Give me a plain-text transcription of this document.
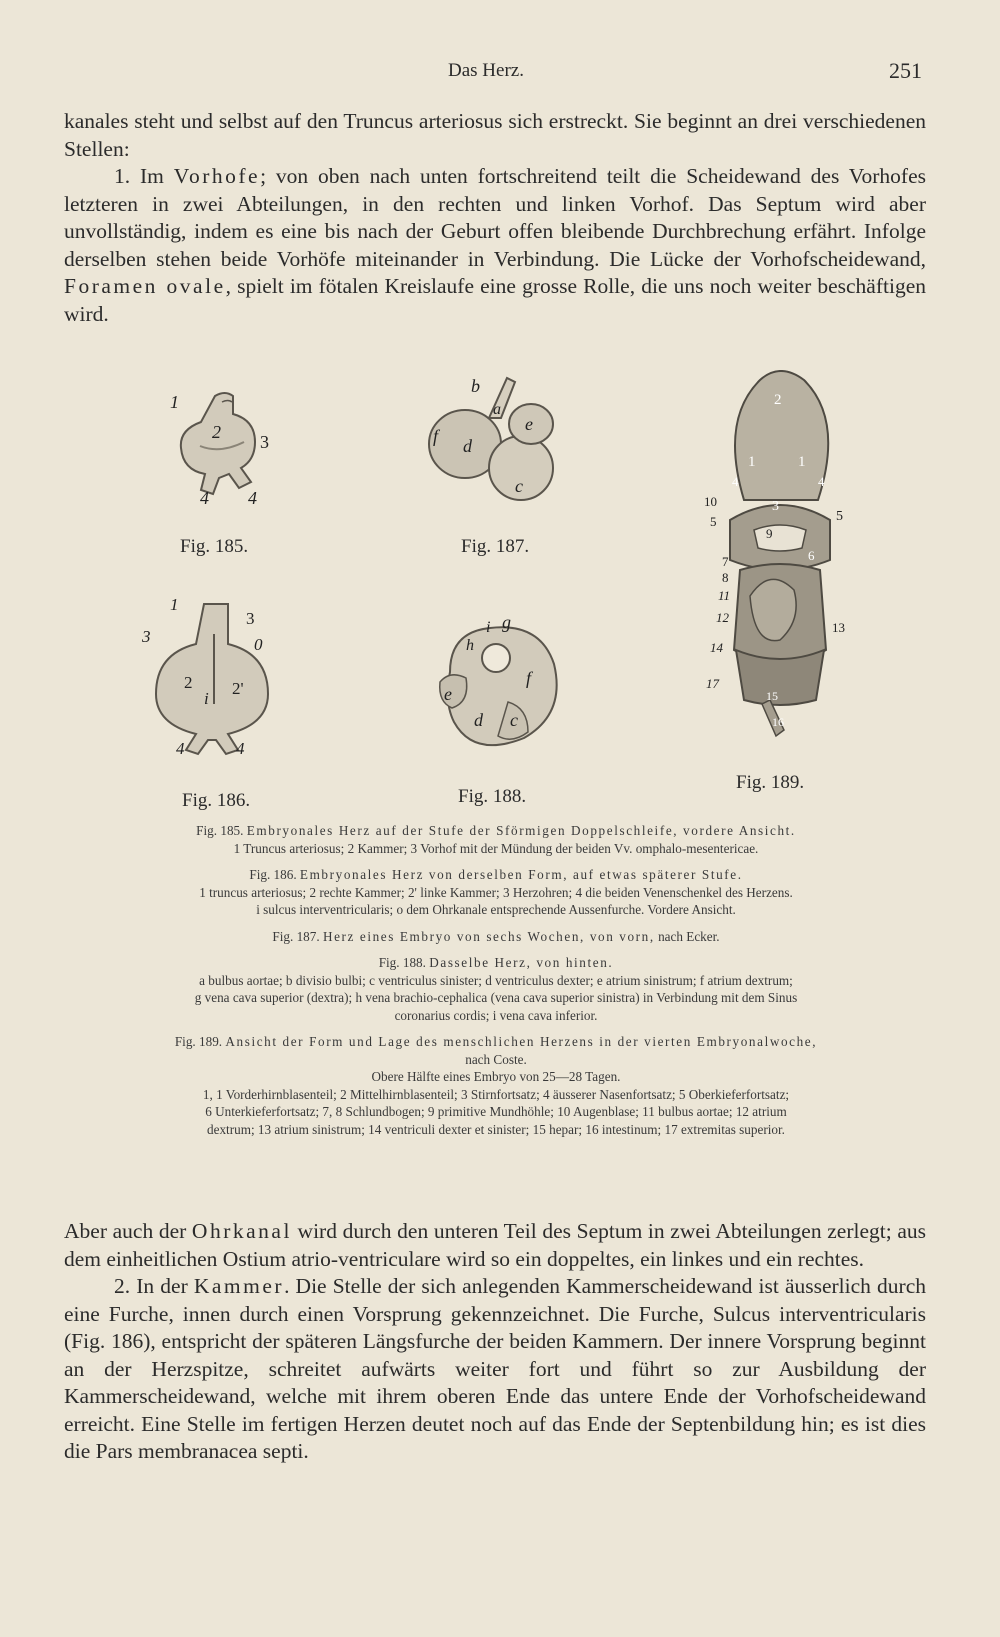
Das Herz.	251

kanales steht und selbst auf den Truncus arteriosus sich erstreckt. Sie beginnt an drei verschiedenen Stellen:

1. Im Vorhofe; von oben nach unten fortschreitend teilt die Scheidewand des Vorhofes letzteren in zwei Abteilungen, in den rechten und linken Vorhof. Das Septum wird aber unvollständig, indem es eine bis nach der Geburt offen bleibende Durchbrechung erfährt. Infolge derselben stehen beide Vorhöfe miteinander in Verbindung. Die Lücke der Vorhofscheidewand, Foramen ovale, spielt im fötalen Kreislaufe eine grosse Rolle, die uns noch weiter beschäftigen wird.

1
2 3
4 4
Fig. 185.
b
a
f d
e
c
Fig. 187.
2
1	1
4	4
10
5
3
5
9
6
7
8
11
12
13
14
17
15
16
Fig. 189.
1
3
3
0
2
i
2'
4	4
Fig. 186.
i g
h
e
f
d c
Fig. 188.
Fig. 185. Embryonales Herz auf der Stufe der Sförmigen Doppelschleife, vordere Ansicht.
1 Truncus arteriosus; 2 Kammer; 3 Vorhof mit der Mündung der beiden Vv. omphalo-mesentericae.
Fig. 186. Embryonales Herz von derselben Form, auf etwas späterer Stufe.
1 truncus arteriosus; 2 rechte Kammer; 2' linke Kammer; 3 Herzohren; 4 die beiden Venenschenkel des Herzens.
i sulcus interventricularis; o dem Ohrkanale entsprechende Aussenfurche. Vordere Ansicht.
Fig. 187. Herz eines Embryo von sechs Wochen, von vorn, nach Ecker.
Fig. 188. Dasselbe Herz, von hinten.
a bulbus aortae; b divisio bulbi; c ventriculus sinister; d ventriculus dexter; e atrium sinistrum; f atrium dextrum;
g vena cava superior (dextra); h vena brachio-cephalica (vena cava superior sinistra) in Verbindung mit dem Sinus
coronarius cordis; i vena cava inferior.
Fig. 189. Ansicht der Form und Lage des menschlichen Herzens in der vierten Embryonalwoche,
nach Coste.
Obere Hälfte eines Embryo von 25—28 Tagen.
1, 1 Vorderhirnblasenteil; 2 Mittelhirnblasenteil; 3 Stirnfortsatz; 4 äusserer Nasenfortsatz; 5 Oberkieferfortsatz;
6 Unterkieferfortsatz; 7, 8 Schlundbogen; 9 primitive Mundhöhle; 10 Augenblase; 11 bulbus aortae; 12 atrium
dextrum; 13 atrium sinistrum; 14 ventriculi dexter et sinister; 15 hepar; 16 intestinum; 17 extremitas superior.

Aber auch der Ohrkanal wird durch den unteren Teil des Septum in zwei Abteilungen zerlegt; aus dem einheitlichen Ostium atrio-ventriculare wird so ein doppeltes, ein linkes und ein rechtes.

2. In der Kammer. Die Stelle der sich anlegenden Kammerscheidewand ist äusserlich durch eine Furche, innen durch einen Vorsprung gekennzeichnet. Die Furche, Sulcus interventricularis (Fig. 186), entspricht der späteren Längsfurche der beiden Kammern. Der innere Vorsprung beginnt an der Herzspitze, schreitet aufwärts weiter fort und führt so zur Ausbildung der Kammerscheidewand, welche mit ihrem oberen Ende das untere Ende der Vorhofscheidewand erreicht. Eine Stelle im fertigen Herzen deutet noch auf das Ende der Septenbildung hin; es ist dies die Pars membranacea septi.
